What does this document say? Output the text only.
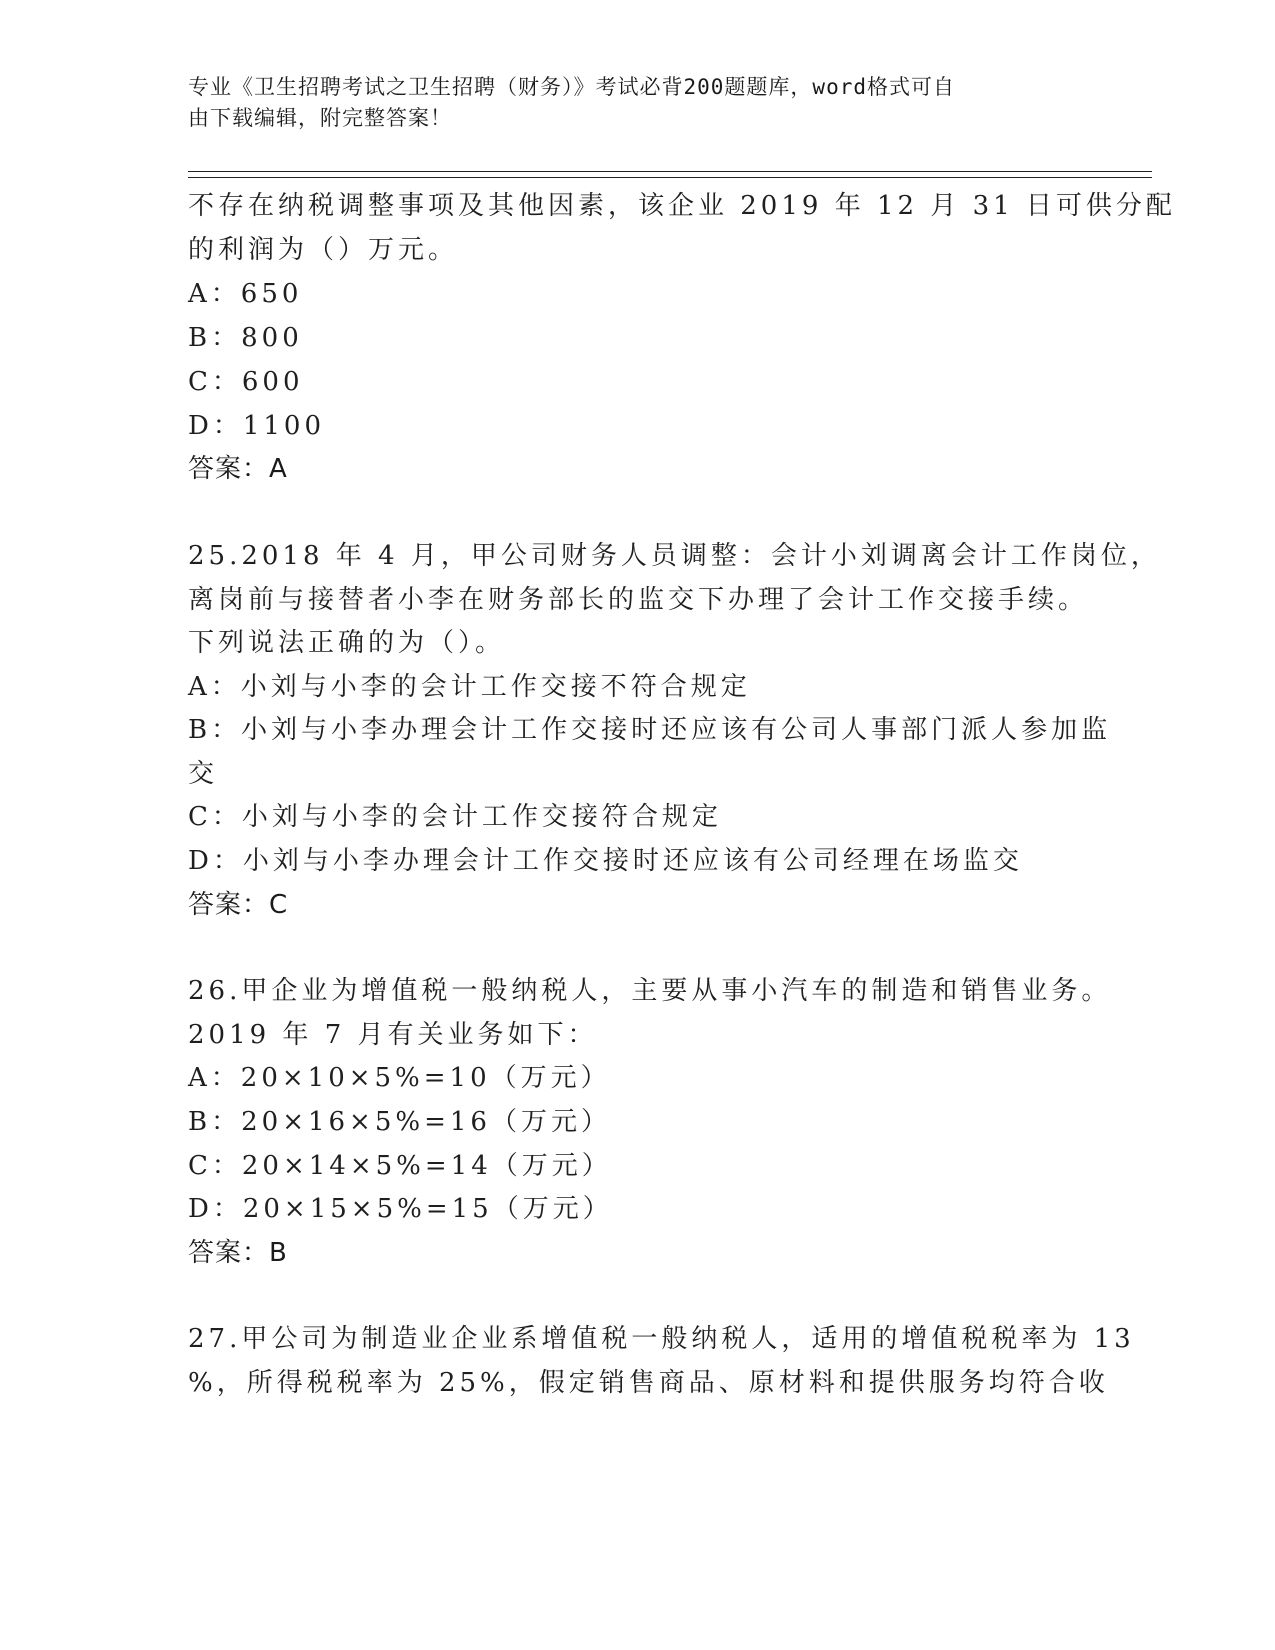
专业《卫生招聘考试之卫生招聘（财务）》考试必背200题题库，word格式可自
由下载编辑，附完整答案！
不存在纳税调整事项及其他因素，该企业 2019 年 12 月 31 日可供分配
的利润为（）万元。
A：650
B：800
C：600
D：1100
答案：A
25.2018 年 4 月，甲公司财务人员调整：会计小刘调离会计工作岗位，
离岗前与接替者小李在财务部长的监交下办理了会计工作交接手续。
下列说法正确的为（）。
A：小刘与小李的会计工作交接不符合规定
B：小刘与小李办理会计工作交接时还应该有公司人事部门派人参加监
交
C：小刘与小李的会计工作交接符合规定
D：小刘与小李办理会计工作交接时还应该有公司经理在场监交
答案：C
26.甲企业为增值税一般纳税人，主要从事小汽车的制造和销售业务。
2019 年 7 月有关业务如下：
A：20×10×5%=10（万元）
B：20×16×5%=16（万元）
C：20×14×5%=14（万元）
D：20×15×5%=15（万元）
答案：B
27.甲公司为制造业企业系增值税一般纳税人，适用的增值税税率为 13
%，所得税税率为 25%，假定销售商品、原材料和提供服务均符合收
